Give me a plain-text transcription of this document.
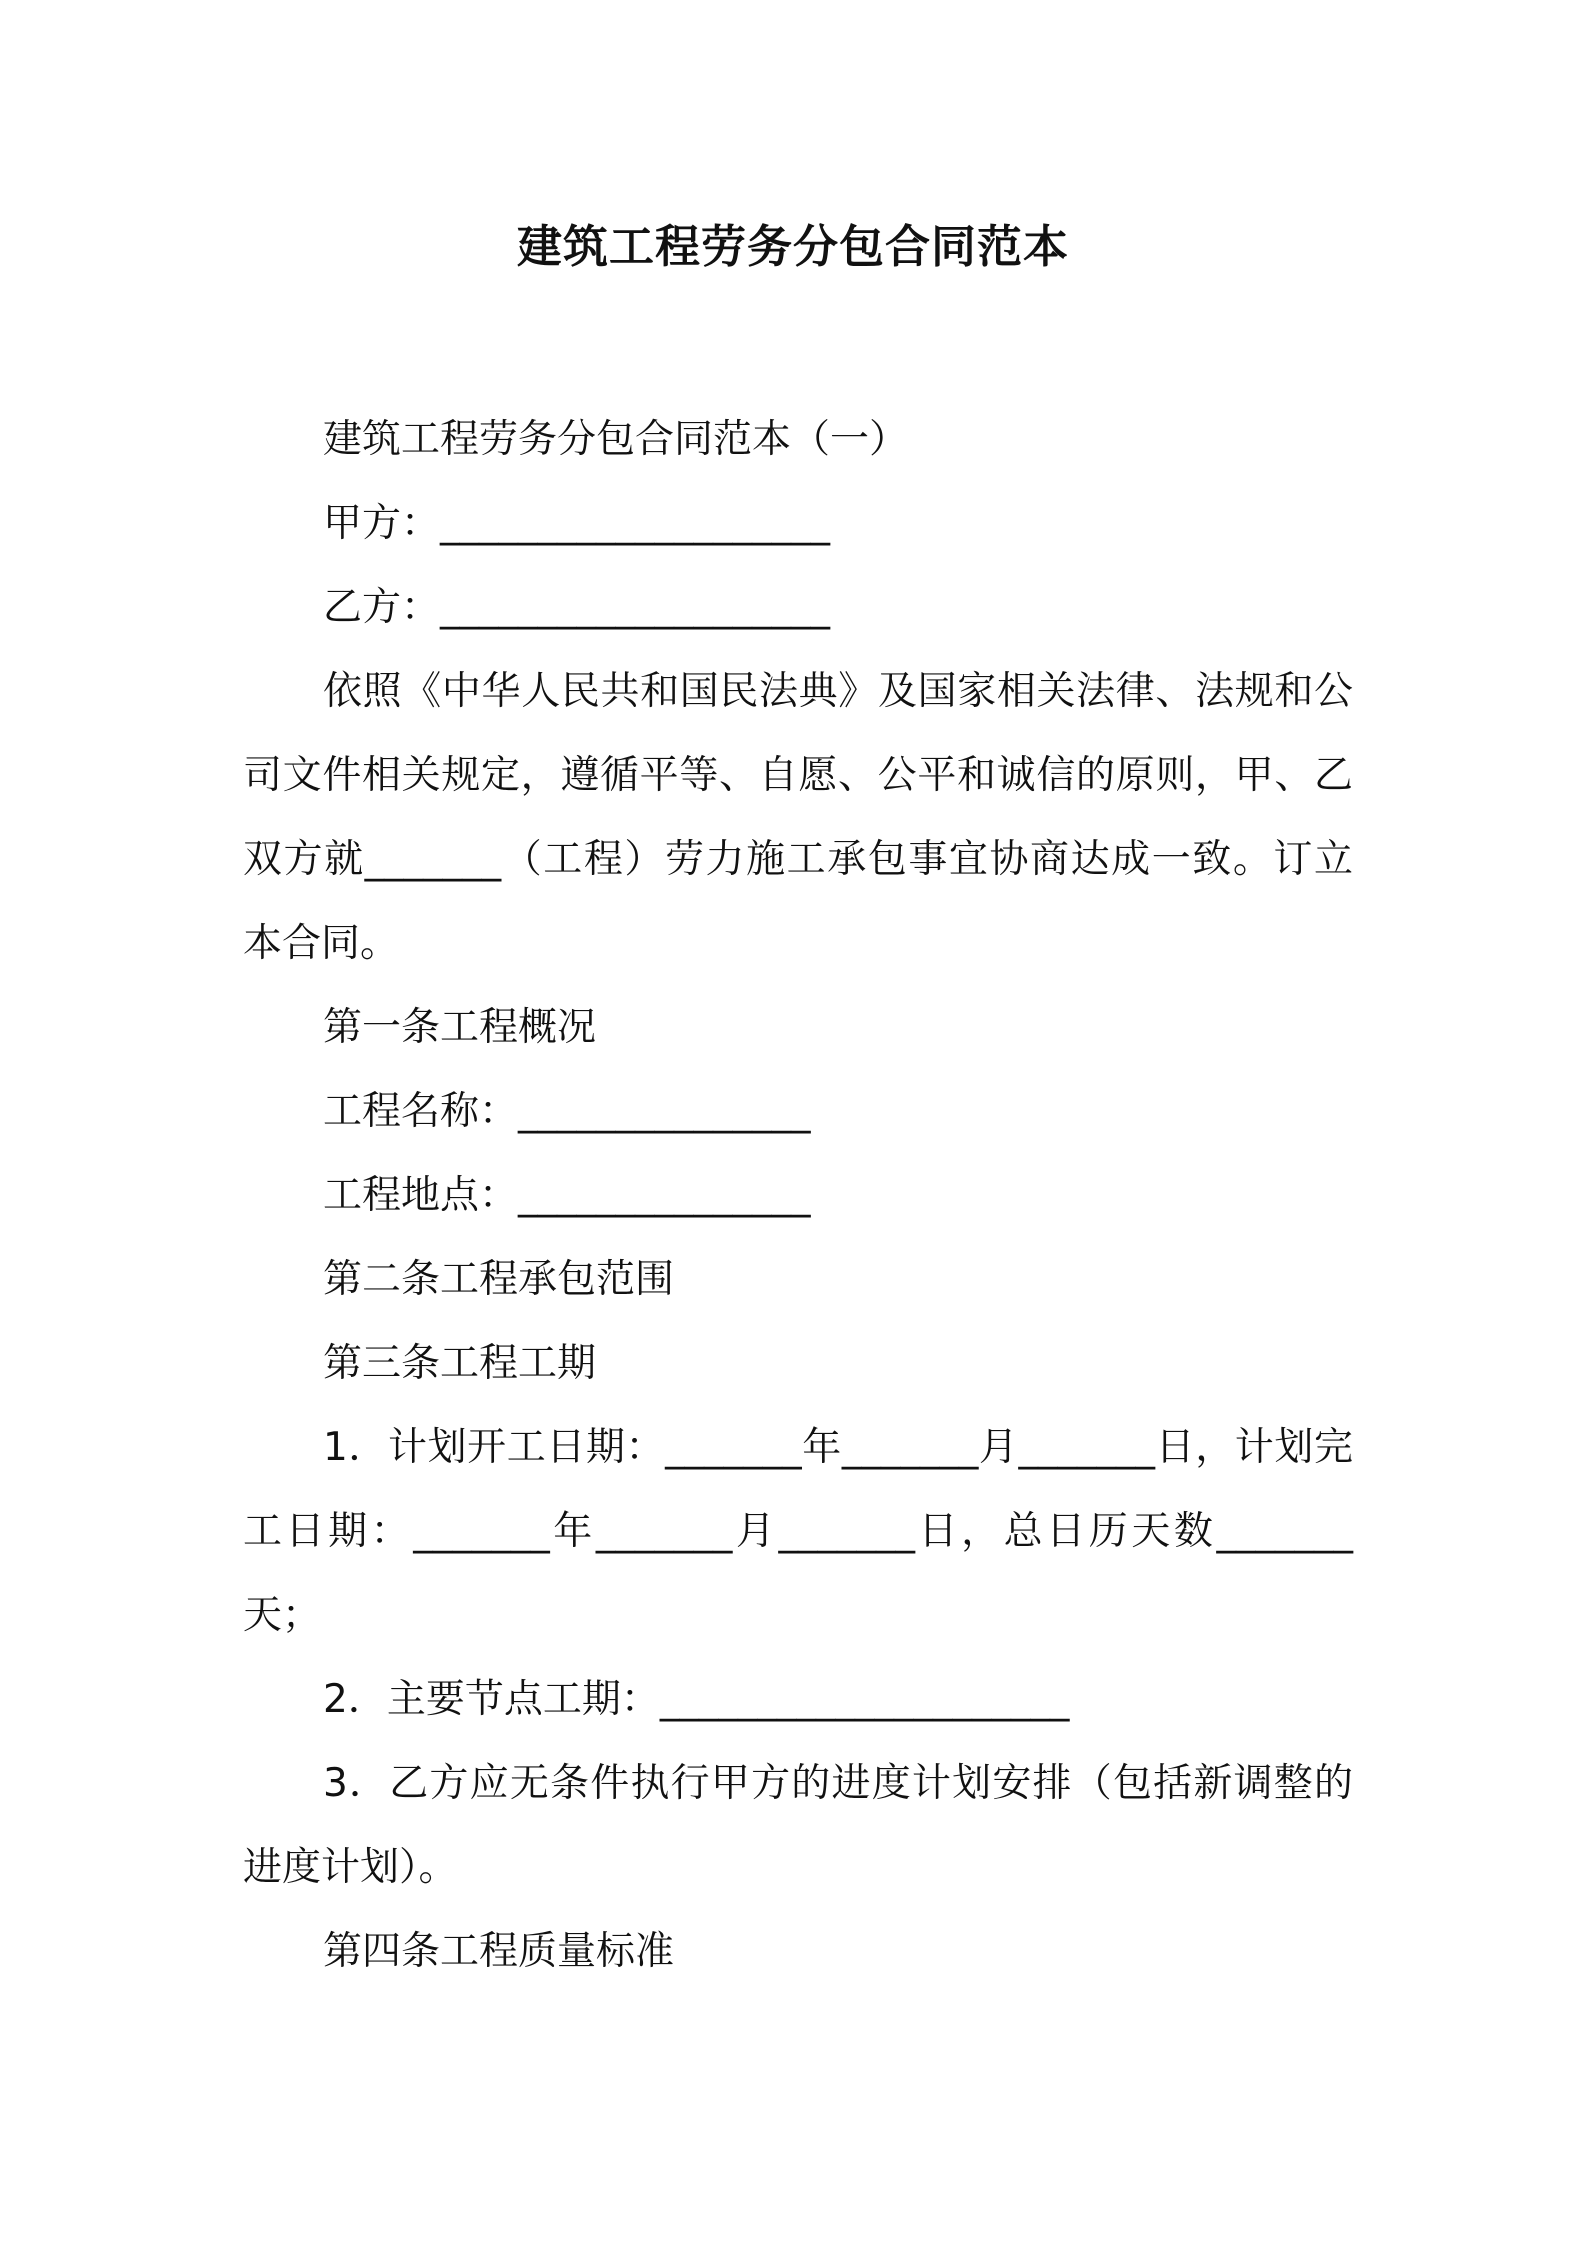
建筑工程劳务分包合同范本

建筑工程劳务分包合同范本（一）

甲方：____________________

乙方：____________________

依照《中华人民共和国民法典》及国家相关法律、法规和公司文件相关规定，遵循平等、自愿、公平和诚信的原则，甲、乙双方就_______（工程）劳力施工承包事宜协商达成一致。订立本合同。

第一条工程概况

工程名称：_______________

工程地点：_______________

第二条工程承包范围

第三条工程工期

1．计划开工日期：_______年_______月_______日，计划完工日期：_______年_______月_______日，总日历天数_______天；

2．主要节点工期：_____________________

3．乙方应无条件执行甲方的进度计划安排（包括新调整的进度计划）。

第四条工程质量标准
